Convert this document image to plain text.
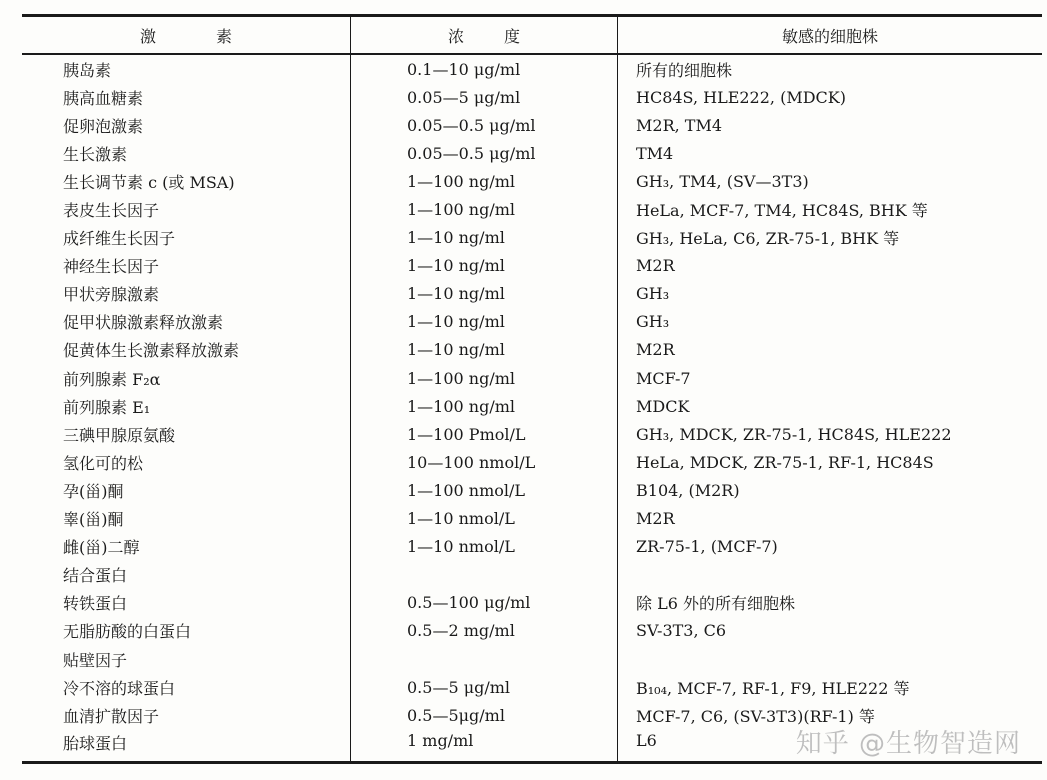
激素	浓度	敏感的细胞株
胰岛素	0.1—10 μg/ml	所有的细胞株
胰高血糖素	0.05—5 μg/ml	HC84S, HLE222, (MDCK)
促卵泡激素	0.05—0.5 μg/ml	M2R, TM4
生长激素	0.05—0.5 μg/ml	TM4
生长调节素 c (或 MSA)	1—100 ng/ml	GH₃, TM4, (SV—3T3)
表皮生长因子	1—100 ng/ml	HeLa, MCF-7, TM4, HC84S, BHK 等
成纤维生长因子	1—10 ng/ml	GH₃, HeLa, C6, ZR-75-1, BHK 等
神经生长因子	1—10 ng/ml	M2R
甲状旁腺激素	1—10 ng/ml	GH₃
促甲状腺激素释放激素	1—10 ng/ml	GH₃
促黄体生长激素释放激素	1—10 ng/ml	M2R
前列腺素 F₂α	1—100 ng/ml	MCF-7
前列腺素 E₁	1—100 ng/ml	MDCK
三碘甲腺原氨酸	1—100 Pmol/L	GH₃, MDCK, ZR-75-1, HC84S, HLE222
氢化可的松	10—100 nmol/L	HeLa, MDCK, ZR-75-1, RF-1, HC84S
孕(甾)酮	1—100 nmol/L	B104, (M2R)
睾(甾)酮	1—10 nmol/L	M2R
雌(甾)二醇	1—10 nmol/L	ZR-75-1, (MCF-7)
结合蛋白		
转铁蛋白	0.5—100 μg/ml	除 L6 外的所有细胞株
无脂肪酸的白蛋白	0.5—2 mg/ml	SV-3T3, C6
贴壁因子		
冷不溶的球蛋白	0.5—5 μg/ml	B₁₀₄, MCF-7, RF-1, F9, HLE222 等
血清扩散因子	0.5—5μg/ml	MCF-7, C6, (SV-3T3)(RF-1) 等
胎球蛋白	1 mg/ml	L6	知乎 @生物智造网
